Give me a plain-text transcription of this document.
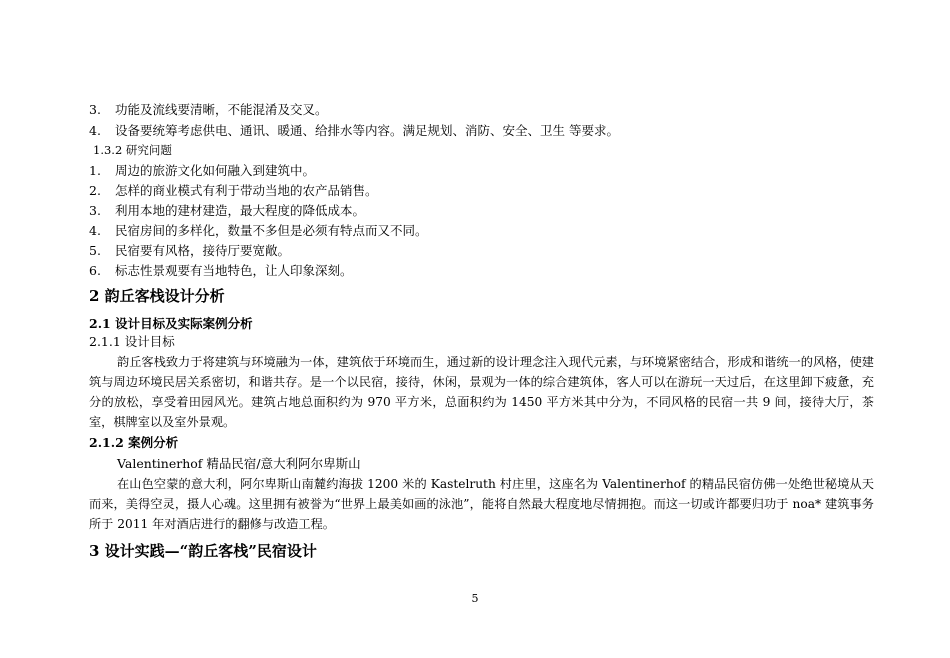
3. 功能及流线要清晰，不能混淆及交叉。
4. 设备要统筹考虑供电、通讯、暖通、给排水等内容。满足规划、消防、安全、卫生 等要求。
1.3.2 研究问题
1. 周边的旅游文化如何融入到建筑中。
2. 怎样的商业模式有利于带动当地的农产品销售。
3. 利用本地的建材建造，最大程度的降低成本。
4. 民宿房间的多样化，数量不多但是必须有特点而又不同。
5. 民宿要有风格，接待厅要宽敞。
6. 标志性景观要有当地特色，让人印象深刻。
2 韵丘客栈设计分析
2.1 设计目标及实际案例分析
2.1.1 设计目标
韵丘客栈致力于将建筑与环境融为一体，建筑依于环境而生，通过新的设计理念注入现代元素，与环境紧密结合，形成和谐统一的风格，使建筑与周边环境民居关系密切，和谐共存。是一个以民宿，接待，休闲，景观为一体的综合建筑体，客人可以在游玩一天过后，在这里卸下疲惫，充分的放松，享受着田园风光。建筑占地总面积约为 970 平方米，总面积约为 1450 平方米其中分为，不同风格的民宿一共 9 间，接待大厅，茶室，棋牌室以及室外景观。
2.1.2 案例分析
Valentinerhof 精品民宿/意大利阿尔卑斯山
在山色空蒙的意大利，阿尔卑斯山南麓约海拔 1200 米的 Kastelruth 村庄里，这座名为 Valentinerhof 的精品民宿仿佛一处绝世秘境从天而来，美得空灵，摄人心魂。这里拥有被誉为“世界上最美如画的泳池”，能将自然最大程度地尽情拥抱。而这一切或许都要归功于 noa* 建筑事务所于 2011 年对酒店进行的翻修与改造工程。
3 设计实践—“韵丘客栈”民宿设计
5
